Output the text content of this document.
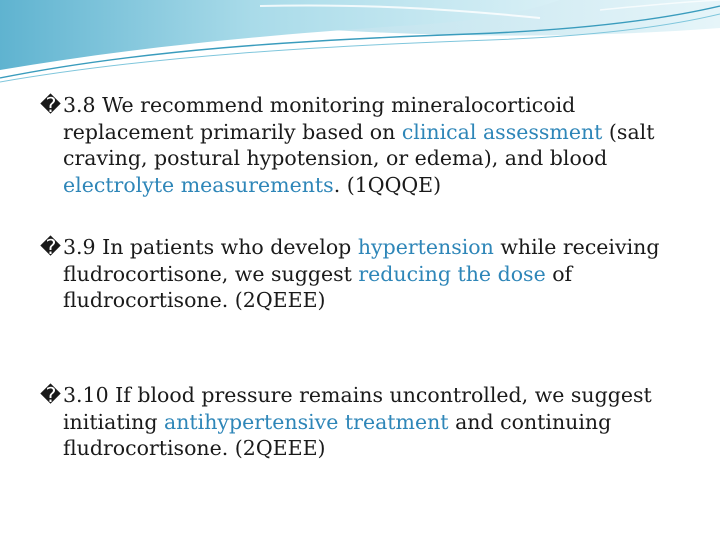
�3.8 We recommend monitoring mineralocorticoid replacement primarily based on clinical assessment (salt craving, postural hypotension, or edema), and blood electrolyte measurements. (1QQQE)
�3.9 In patients who develop hypertension while receiving fludrocortisone, we suggest reducing the dose of fludrocortisone. (2QEEE)
�3.10 If blood pressure remains uncontrolled, we suggest initiating antihypertensive treatment and continuing fludrocortisone. (2QEEE)
